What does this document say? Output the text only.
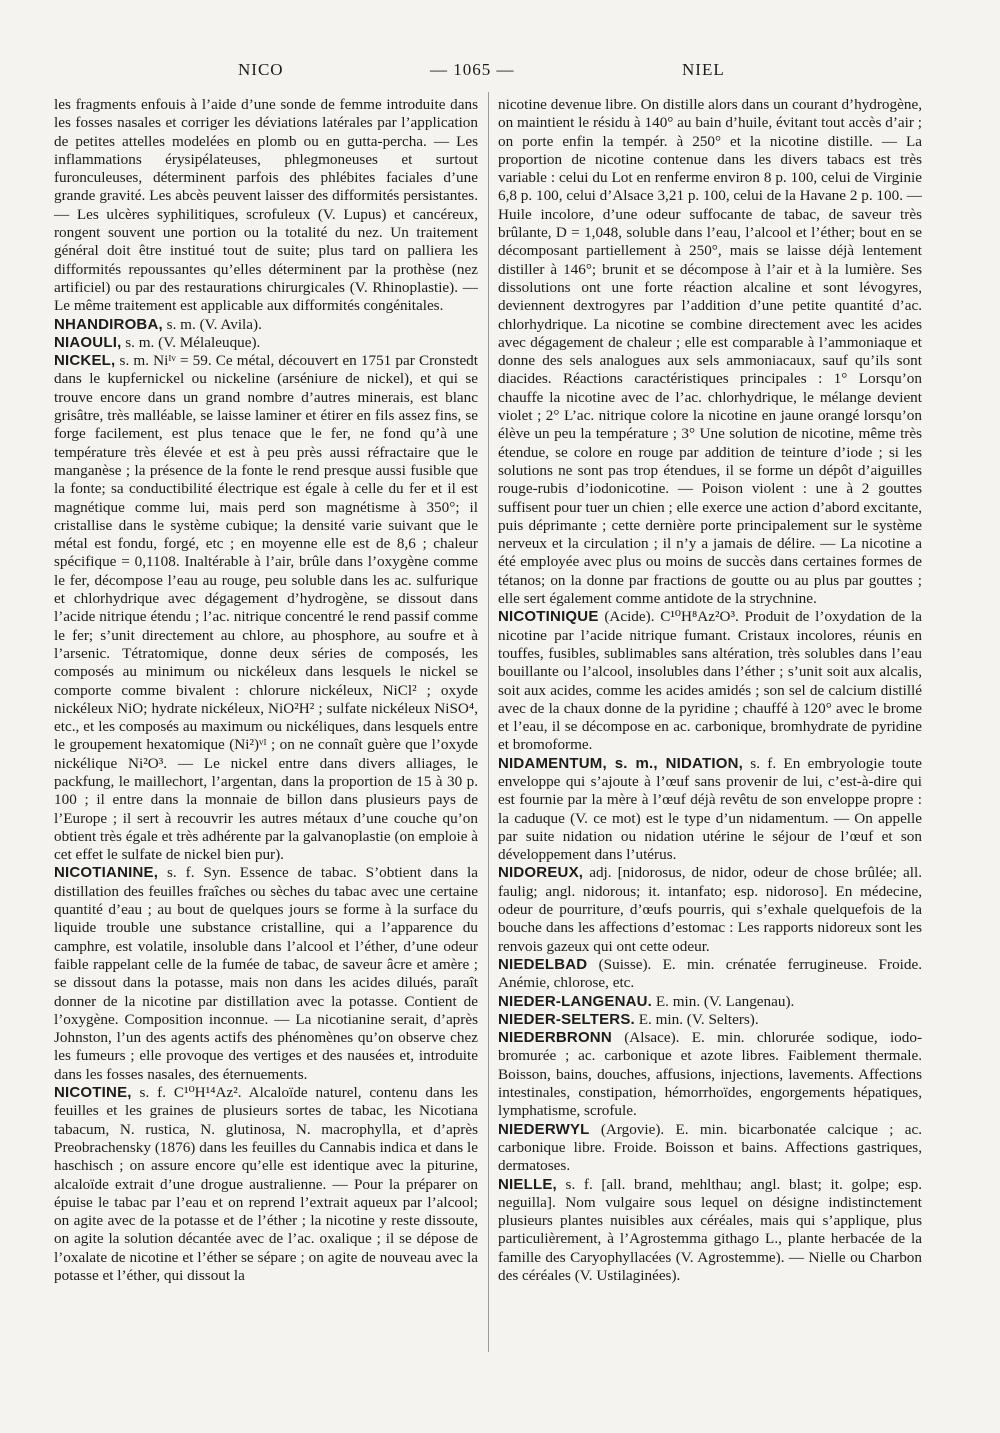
NICO	— 1065 —	NIEL

les fragments enfouis à l’aide d’une sonde de femme introduite dans les fosses nasales et corriger les déviations latérales par l’application de petites attelles modelées en plomb ou en gutta-percha. — Les inflammations érysipélateuses, phlegmoneuses et surtout furonculeuses, déterminent parfois des phlébites faciales d’une grande gravité. Les abcès peuvent laisser des difformités persistantes. — Les ulcères syphilitiques, scrofuleux (V. Lupus) et cancéreux, rongent souvent une portion ou la totalité du nez. Un traitement général doit être institué tout de suite; plus tard on palliera les difformités repoussantes qu’elles déterminent par la prothèse (nez artificiel) ou par des restaurations chirurgicales (V. Rhinoplastie). — Le même traitement est applicable aux difformités congénitales.

NHANDIROBA, s. m. (V. Avila).

NIAOULI, s. m. (V. Mélaleuque).

NICKEL, s. m. Niᴵᵛ = 59. Ce métal, découvert en 1751 par Cronstedt dans le kupfernickel ou nickeline (arséniure de nickel), et qui se trouve encore dans un grand nombre d’autres minerais, est blanc grisâtre, très malléable, se laisse laminer et étirer en fils assez fins, se forge facilement, est plus tenace que le fer, ne fond qu’à une température très élevée et est à peu près aussi réfractaire que le manganèse ; la présence de la fonte le rend presque aussi fusible que la fonte; sa conductibilité électrique est égale à celle du fer et il est magnétique comme lui, mais perd son magnétisme à 350°; il cristallise dans le système cubique; la densité varie suivant que le métal est fondu, forgé, etc ; en moyenne elle est de 8,6 ; chaleur spécifique = 0,1108. Inaltérable à l’air, brûle dans l’oxygène comme le fer, décompose l’eau au rouge, peu soluble dans les ac. sulfurique et chlorhydrique avec dégagement d’hydrogène, se dissout dans l’acide nitrique étendu ; l’ac. nitrique concentré le rend passif comme le fer; s’unit directement au chlore, au phosphore, au soufre et à l’arsenic. Tétratomique, donne deux séries de composés, les composés au minimum ou nickéleux dans lesquels le nickel se comporte comme bivalent : chlorure nickéleux, NiCl² ; oxyde nickéleux NiO; hydrate nickéleux, NiO²H² ; sulfate nickéleux NiSO⁴, etc., et les composés au maximum ou nickéliques, dans lesquels entre le groupement hexatomique (Ni²)ᵛᴵ ; on ne connaît guère que l’oxyde nickélique Ni²O³. — Le nickel entre dans divers alliages, le packfung, le maillechort, l’argentan, dans la proportion de 15 à 30 p. 100 ; il entre dans la monnaie de billon dans plusieurs pays de l’Europe ; il sert à recouvrir les autres métaux d’une couche qu’on obtient très égale et très adhérente par la galvanoplastie (on emploie à cet effet le sulfate de nickel bien pur).

NICOTIANINE, s. f. Syn. Essence de tabac. S’obtient dans la distillation des feuilles fraîches ou sèches du tabac avec une certaine quantité d’eau ; au bout de quelques jours se forme à la surface du liquide trouble une substance cristalline, qui a l’apparence du camphre, est volatile, insoluble dans l’alcool et l’éther, d’une odeur faible rappelant celle de la fumée de tabac, de saveur âcre et amère ; se dissout dans la potasse, mais non dans les acides dilués, paraît donner de la nicotine par distillation avec la potasse. Contient de l’oxygène. Composition inconnue. — La nicotianine serait, d’après Johnston, l’un des agents actifs des phénomènes qu’on observe chez les fumeurs ; elle provoque des vertiges et des nausées et, introduite dans les fosses nasales, des éternuements.

NICOTINE, s. f. C¹⁰H¹⁴Az². Alcaloïde naturel, contenu dans les feuilles et les graines de plusieurs sortes de tabac, les Nicotiana tabacum, N. rustica, N. glutinosa, N. macrophylla, et d’après Preobrachensky (1876) dans les feuilles du Cannabis indica et dans le haschisch ; on assure encore qu’elle est identique avec la piturine, alcaloïde extrait d’une drogue australienne. — Pour la préparer on épuise le tabac par l’eau et on reprend l’extrait aqueux par l’alcool; on agite avec de la potasse et de l’éther ; la nicotine y reste dissoute, on agite la solution décantée avec de l’ac. oxalique ; il se dépose de l’oxalate de nicotine et l’éther se sépare ; on agite de nouveau avec la potasse et l’éther, qui dissout la

nicotine devenue libre. On distille alors dans un courant d’hydrogène, on maintient le résidu à 140° au bain d’huile, évitant tout accès d’air ; on porte enfin la tempér. à 250° et la nicotine distille. — La proportion de nicotine contenue dans les divers tabacs est très variable : celui du Lot en renferme environ 8 p. 100, celui de Virginie 6,8 p. 100, celui d’Alsace 3,21 p. 100, celui de la Havane 2 p. 100. — Huile incolore, d’une odeur suffocante de tabac, de saveur très brûlante, D = 1,048, soluble dans l’eau, l’alcool et l’éther; bout en se décomposant partiellement à 250°, mais se laisse déjà lentement distiller à 146°; brunit et se décompose à l’air et à la lumière. Ses dissolutions ont une forte réaction alcaline et sont lévogyres, deviennent dextrogyres par l’addition d’une petite quantité d’ac. chlorhydrique. La nicotine se combine directement avec les acides avec dégagement de chaleur ; elle est comparable à l’ammoniaque et donne des sels analogues aux sels ammoniacaux, sauf qu’ils sont diacides. Réactions caractéristiques principales : 1° Lorsqu’on chauffe la nicotine avec de l’ac. chlorhydrique, le mélange devient violet ; 2° L’ac. nitrique colore la nicotine en jaune orangé lorsqu’on élève un peu la température ; 3° Une solution de nicotine, même très étendue, se colore en rouge par addition de teinture d’iode ; si les solutions ne sont pas trop étendues, il se forme un dépôt d’aiguilles rouge-rubis d’iodonicotine. — Poison violent : une à 2 gouttes suffisent pour tuer un chien ; elle exerce une action d’abord excitante, puis déprimante ; cette dernière porte principalement sur le système nerveux et la circulation ; il n’y a jamais de délire. — La nicotine a été employée avec plus ou moins de succès dans certaines formes de tétanos; on la donne par fractions de goutte ou au plus par gouttes ; elle sert également comme antidote de la strychnine.

NICOTINIQUE (Acide). C¹⁰H⁸Az²O³. Produit de l’oxydation de la nicotine par l’acide nitrique fumant. Cristaux incolores, réunis en touffes, fusibles, sublimables sans altération, très solubles dans l’eau bouillante ou l’alcool, insolubles dans l’éther ; s’unit soit aux alcalis, soit aux acides, comme les acides amidés ; son sel de calcium distillé avec de la chaux donne de la pyridine ; chauffé à 120° avec le brome et l’eau, il se décompose en ac. carbonique, bromhydrate de pyridine et bromoforme.

NIDAMENTUM, s. m., NIDATION, s. f. En embryologie toute enveloppe qui s’ajoute à l’œuf sans provenir de lui, c’est-à-dire qui est fournie par la mère à l’œuf déjà revêtu de son enveloppe propre : la caduque (V. ce mot) est le type d’un nidamentum. — On appelle par suite nidation ou nidation utérine le séjour de l’œuf et son développement dans l’utérus.

NIDOREUX, adj. [nidorosus, de nidor, odeur de chose brûlée; all. faulig; angl. nidorous; it. intanfato; esp. nidoroso]. En médecine, odeur de pourriture, d’œufs pourris, qui s’exhale quelquefois de la bouche dans les affections d’estomac : Les rapports nidoreux sont les renvois gazeux qui ont cette odeur.

NIEDELBAD (Suisse). E. min. crénatée ferrugineuse. Froide. Anémie, chlorose, etc.

NIEDER-LANGENAU. E. min. (V. Langenau).

NIEDER-SELTERS. E. min. (V. Selters).

NIEDERBRONN (Alsace). E. min. chlorurée sodique, iodo-bromurée ; ac. carbonique et azote libres. Faiblement thermale. Boisson, bains, douches, affusions, injections, lavements. Affections intestinales, constipation, hémorrhoïdes, engorgements hépatiques, lymphatisme, scrofule.

NIEDERWYL (Argovie). E. min. bicarbonatée calcique ; ac. carbonique libre. Froide. Boisson et bains. Affections gastriques, dermatoses.

NIELLE, s. f. [all. brand, mehlthau; angl. blast; it. golpe; esp. neguilla]. Nom vulgaire sous lequel on désigne indistinctement plusieurs plantes nuisibles aux céréales, mais qui s’applique, plus particulièrement, à l’Agrostemma githago L., plante herbacée de la famille des Caryophyllacées (V. Agrostemme). — Nielle ou Charbon des céréales (V. Ustilaginées).
